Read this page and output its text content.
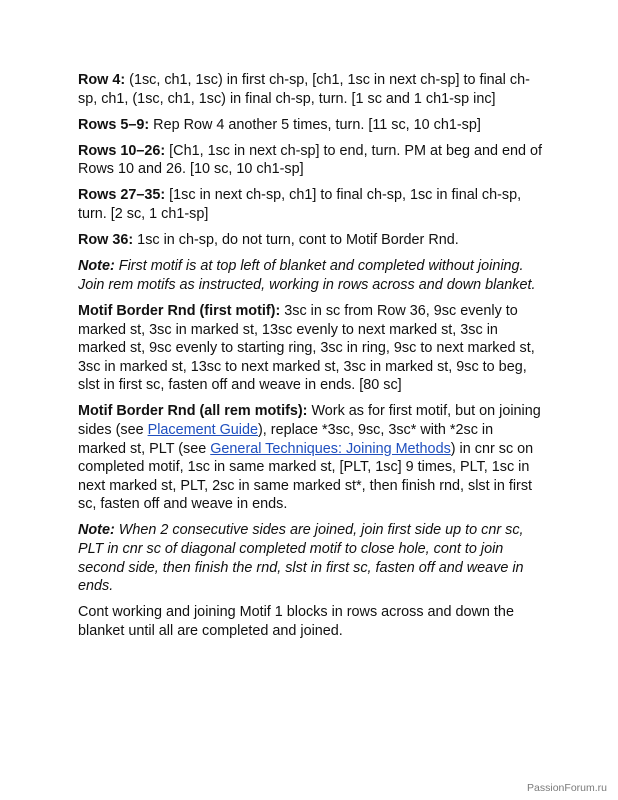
Row 4: (1sc, ch1, 1sc) in first ch-sp, [ch1, 1sc in next ch-sp] to final ch-sp, ch1, (1sc, ch1, 1sc) in final ch-sp, turn. [1 sc and 1 ch1-sp inc]

Rows 5–9: Rep Row 4 another 5 times, turn. [11 sc, 10 ch1-sp]

Rows 10–26: [Ch1, 1sc in next ch-sp] to end, turn. PM at beg and end of Rows 10 and 26. [10 sc, 10 ch1-sp]

Rows 27–35: [1sc in next ch-sp, ch1] to final ch-sp, 1sc in final ch-sp, turn. [2 sc, 1 ch1-sp]

Row 36: 1sc in ch-sp, do not turn, cont to Motif Border Rnd.

Note: First motif is at top left of blanket and completed without joining. Join rem motifs as instructed, working in rows across and down blanket.

Motif Border Rnd (first motif): 3sc in sc from Row 36, 9sc evenly to marked st, 3sc in marked st, 13sc evenly to next marked st, 3sc in marked st, 9sc evenly to starting ring, 3sc in ring, 9sc to next marked st, 3sc in marked st, 13sc to next marked st, 3sc in marked st, 9sc to beg, slst in first sc, fasten off and weave in ends. [80 sc]

Motif Border Rnd (all rem motifs): Work as for first motif, but on joining sides (see Placement Guide), replace *3sc, 9sc, 3sc* with *2sc in marked st, PLT (see General Techniques: Joining Methods) in cnr sc on completed motif, 1sc in same marked st, [PLT, 1sc] 9 times, PLT, 1sc in next marked st, PLT, 2sc in same marked st*, then finish rnd, slst in first sc, fasten off and weave in ends.

Note: When 2 consecutive sides are joined, join first side up to cnr sc, PLT in cnr sc of diagonal completed motif to close hole, cont to join second side, then finish the rnd, slst in first sc, fasten off and weave in ends.

Cont working and joining Motif 1 blocks in rows across and down the blanket until all are completed and joined.

PassionForum.ru
